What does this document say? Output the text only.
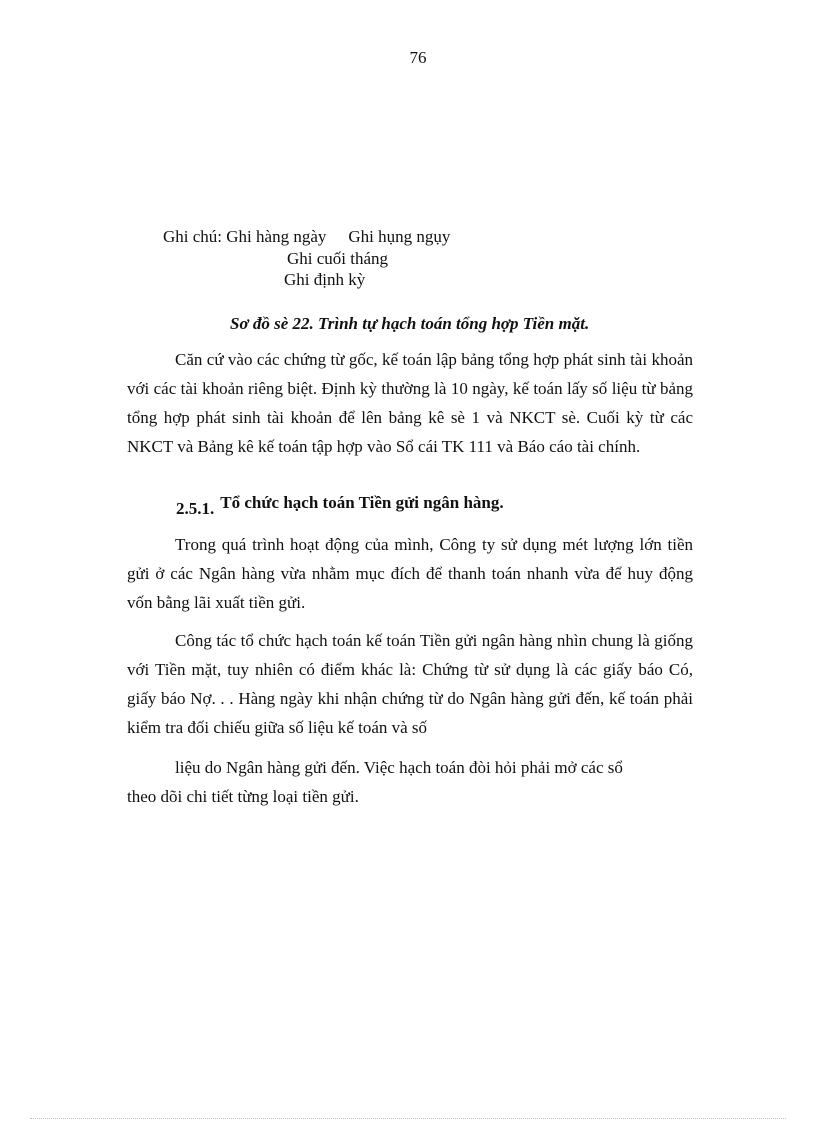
76
Ghi chú: Ghi hàng ngày Ghi hụng ngụy
Ghi cuối tháng
Ghi định kỳ
Sơ đồ sè 22. Trình tự hạch toán tổng hợp Tiền mặt.

Căn cứ vào các chứng từ gốc, kế toán lập bảng tổng hợp phát sinh tài khoản với các tài khoản riêng biệt. Định kỳ thường là 10 ngày, kế toán lấy số liệu từ bảng tổng hợp phát sinh tài khoản để lên bảng kê sè 1 và NKCT sè. Cuối kỳ từ các NKCT và Bảng kê kế toán tập hợp vào Sổ cái TK 111 và Báo cáo tài chính.

2.5.1. Tổ chức hạch toán Tiền gửi ngân hàng.

Trong quá trình hoạt động của mình, Công ty sử dụng mét lượng lớn tiền gửi ở các Ngân hàng vừa nhằm mục đích để thanh toán nhanh vừa để huy động vốn bằng lãi xuất tiền gửi.

Công tác tổ chức hạch toán kế toán Tiền gửi ngân hàng nhìn chung là giống với Tiền mặt, tuy nhiên có điểm khác là: Chứng từ sử dụng là các giấy báo Có, giấy báo Nợ. . . Hàng ngày khi nhận chứng từ do Ngân hàng gửi đến, kế toán phải kiểm tra đối chiếu giữa số liệu kế toán và số

liệu do Ngân hàng gửi đến. Việc hạch toán đòi hỏi phải mở các sổ
theo dõi chi tiết từng loại tiền gửi.
